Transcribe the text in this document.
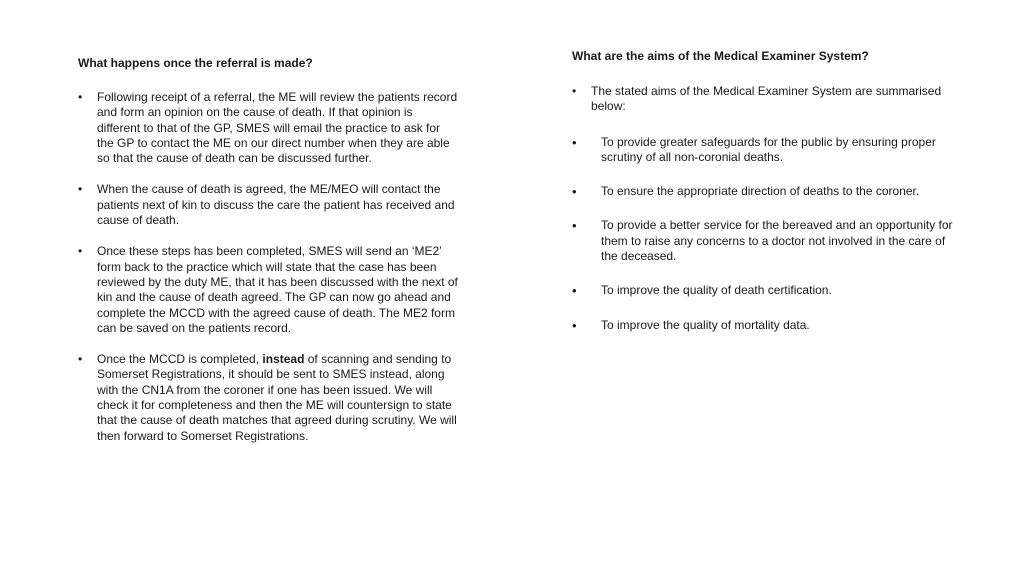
What happens once the referral is made?

• Following receipt of a referral, the ME will review the patients record and form an opinion on the cause of death. If that opinion is different to that of the GP, SMES will email the practice to ask for the GP to contact the ME on our direct number when they are able so that the cause of death can be discussed further.
• When the cause of death is agreed, the ME/MEO will contact the patients next of kin to discuss the care the patient has received and cause of death.
• Once these steps has been completed, SMES will send an ‘ME2’ form back to the practice which will state that the case has been reviewed by the duty ME, that it has been discussed with the next of kin and the cause of death agreed. The GP can now go ahead and complete the MCCD with the agreed cause of death. The ME2 form can be saved on the patients record.
• Once the MCCD is completed, instead of scanning and sending to Somerset Registrations, it should be sent to SMES instead, along with the CN1A from the coroner if one has been issued. We will check it for completeness and then the ME will countersign to state that the cause of death matches that agreed during scrutiny. We will then forward to Somerset Registrations.

What are the aims of the Medical Examiner System?

• The stated aims of the Medical Examiner System are summarised below:
• To provide greater safeguards for the public by ensuring proper scrutiny of all non-coronial deaths.
• To ensure the appropriate direction of deaths to the coroner.
• To provide a better service for the bereaved and an opportunity for them to raise any concerns to a doctor not involved in the care of the deceased.
• To improve the quality of death certification.
• To improve the quality of mortality data.
